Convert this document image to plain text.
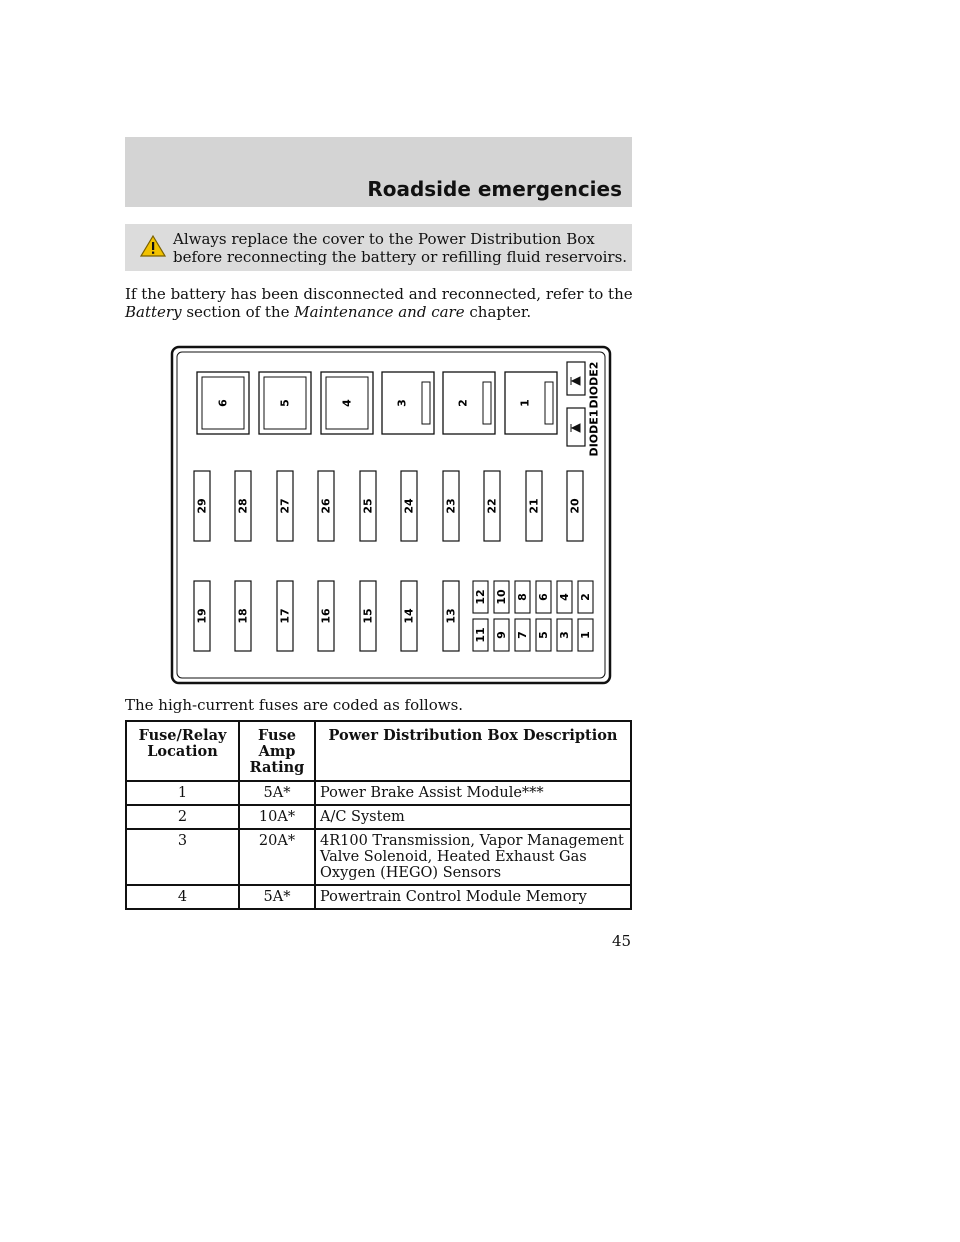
Roadside emergencies
Always replace the cover to the Power Distribution Box before reconnecting the battery or refilling fluid reservoirs.
If the battery has been disconnected and reconnected, refer to the Battery section of the Maintenance and care chapter.
6	5	4	3	2	1	DIODE2
DIODE1
29	28	27	26	25	24	23	22	21	20
19	18	17	16	15	14	13
12 10 8 6 4 2
11 9 7 5 3 1
The high-current fuses are coded as follows.
Fuse/Relay Location	Fuse Amp Rating	Power Distribution Box Description
1	5A*	Power Brake Assist Module***
2	10A*	A/C System
3	20A*	4R100 Transmission, Vapor Management Valve Solenoid, Heated Exhaust Gas Oxygen (HEGO) Sensors
4	5A*	Powertrain Control Module Memory
45
